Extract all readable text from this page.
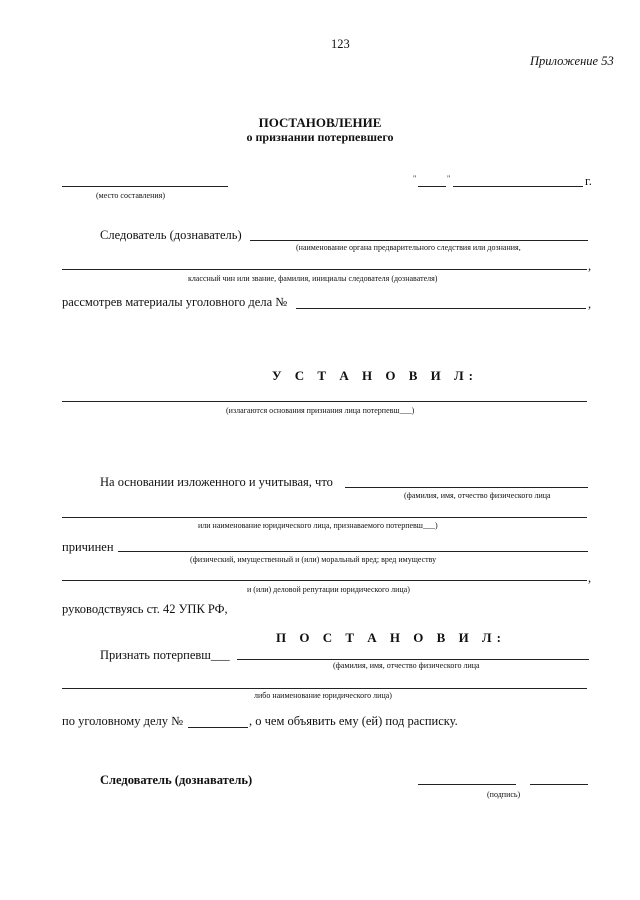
123
Приложение 53
ПОСТАНОВЛЕНИЕ
о признании потерпевшего
(место составления)
"	"	г.
Следователь (дознаватель)
(наименование органа предварительного следствия или дознания,
,
классный чин или звание, фамилия, инициалы следователя (дознавателя)
рассмотрев материалы уголовного дела №	,
У С Т А Н О В И Л:
(излагаются основания признания лица потерпевш___)
На основании изложенного и учитывая, что
(фамилия, имя, отчество физического лица
или наименование юридического лица, признаваемого потерпевш___)
причинен
(физический, имущественный и (или) моральный вред; вред имуществу
,
и (или) деловой репутации юридического лица)
руководствуясь ст. 42 УПК РФ,
П О С Т А Н О В И Л:
Признать потерпевш___
(фамилия, имя, отчество физического лица
либо наименование юридического лица)
по уголовному делу №	, о чем объявить ему (ей) под расписку.
Следователь (дознаватель)
(подпись)
